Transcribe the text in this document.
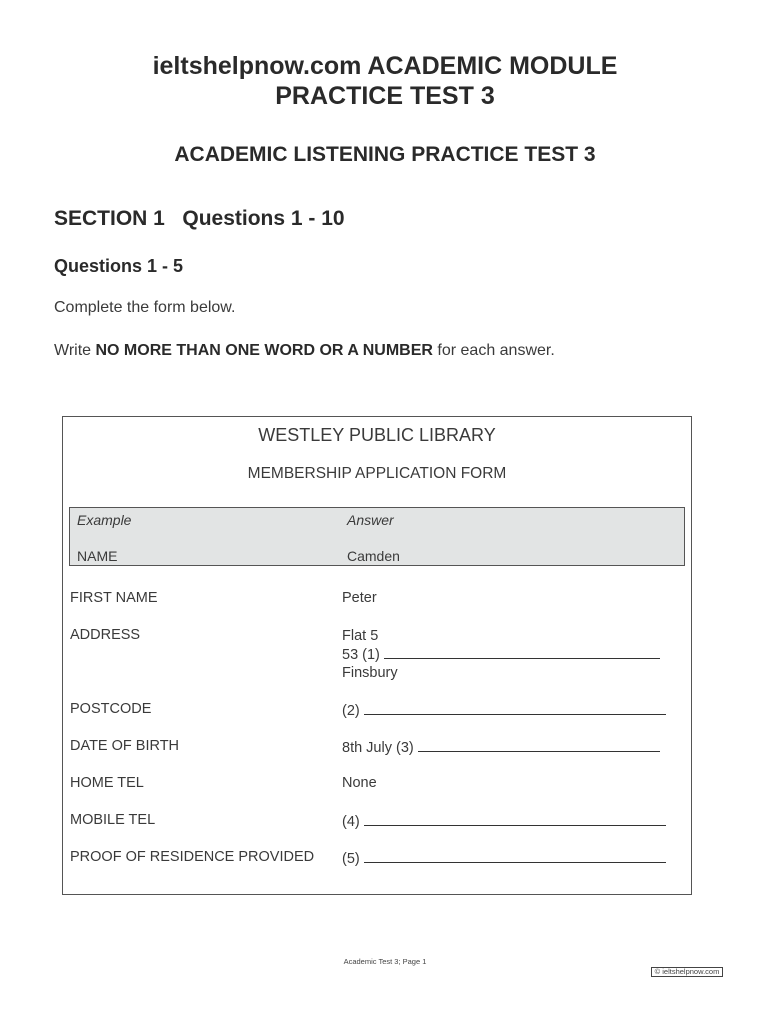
ieltshelpnow.com ACADEMIC MODULE
PRACTICE TEST 3
ACADEMIC LISTENING PRACTICE TEST 3
SECTION 1   Questions 1 - 10
Questions 1 - 5
Complete the form below.
Write NO MORE THAN ONE WORD OR A NUMBER for each answer.
WESTLEY PUBLIC LIBRARY
MEMBERSHIP APPLICATION FORM
Example	Answer
NAME	Camden
FIRST NAME	Peter
ADDRESS	Flat 5
53 (1)
Finsbury
POSTCODE	(2)
DATE OF BIRTH	8th July (3)
HOME TEL	None
MOBILE TEL	(4)
PROOF OF RESIDENCE PROVIDED (5)
Academic Test 3; Page 1
© ieltshelpnow.com
